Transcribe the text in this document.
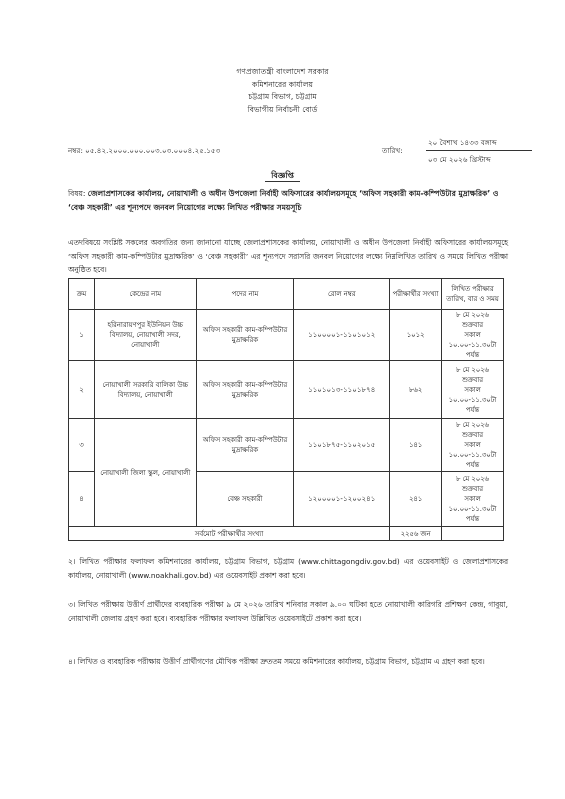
গণপ্রজাতন্ত্রী বাংলাদেশ সরকার
কমিশনারের কার্যালয়
চট্টগ্রাম বিভাগ, চট্টগ্রাম
বিভাগীয় নির্বাচনী বোর্ড
নম্বর: ০৫.৪২.২০০০.০০০.০০৩.০৩.০০০৪.২৫.১৫৩	তারিখ:
২০ বৈশাখ ১৪৩৩ বঙ্গাব্দ
০৩ মে ২০২৬ খ্রিস্টাব্দ
বিজ্ঞপ্তি
বিষয়: জেলাপ্রশাসকের কার্যালয়, নোয়াখালী ও অধীন উপজেলা নির্বাহী অফিসারের কার্যালয়সমূহে ‘অফিস সহকারী কাম-কম্পিউটার মুদ্রাক্ষরিক’ ও ‘বেঞ্চ সহকারী’ এর শূন্যপদে জনবল নিয়োগের লক্ষ্যে লিখিত পরীক্ষার সময়সূচি
এতদবিষয়ে সংশ্লিষ্ট সকলের অবগতির জন্য জানানো যাচ্ছে জেলাপ্রশাসকের কার্যালয়, নোয়াখালী ও অধীন উপজেলা নির্বাহী অফিসারের কার্যালয়সমূহে ‘অফিস সহকারী কাম-কম্পিউটার মুদ্রাক্ষরিক’ ও ‘বেঞ্চ সহকারী’ এর শূন্যপদে সরাসরি জনবল নিয়োগের লক্ষ্যে নিম্নলিখিত তারিখ ও সময়ে লিখিত পরীক্ষা অনুষ্ঠিত হবে।
ক্রম	কেন্দ্রের নাম	পদের নাম	রোল নম্বর	পরীক্ষার্থীর সংখ্যা	লিখিত পরীক্ষার তারিখ, বার ও সময়
১	হরিনারায়ণপুর ইউনিয়ন উচ্চ বিদ্যালয়, নোয়াখালী সদর, নোয়াখালী	অফিস সহকারী কাম-কম্পিউটার মুদ্রাক্ষরিক	১১০০০০১-১১০১০১২	১০১২	৮ মে ২০২৬
শুক্রবার
সকাল
১০.০০-১১.৩০টা পর্যন্ত

২	নোয়াখালী সরকারি বালিকা উচ্চ বিদ্যালয়, নোয়াখালী	অফিস সহকারী কাম-কম্পিউটার মুদ্রাক্ষরিক	১১০১০১৩-১১০১৮৭৪	৮৬২	৮ মে ২০২৬
শুক্রবার
সকাল
১০.০০-১১.৩০টা পর্যন্ত

৩	নোয়াখালী জিলা স্কুল, নোয়াখালী	অফিস সহকারী কাম-কম্পিউটার মুদ্রাক্ষরিক	১১০১৮৭৫-১১০২০১৫	১৪১	৮ মে ২০২৬
শুক্রবার
সকাল
১০.০০-১১.৩০টা পর্যন্ত

৪		বেঞ্চ সহকারী	১২০০০০১-১২০০২৪১	২৪১	৮ মে ২০২৬
শুক্রবার
সকাল
১০.০০-১১.৩০টা পর্যন্ত

সর্বমোট পরীক্ষার্থীর সংখ্যা				২২৫৬ জন	
২। লিখিত পরীক্ষার ফলাফল কমিশনারের কার্যালয়, চট্টগ্রাম বিভাগ, চট্টগ্রাম (www.chittagongdiv.gov.bd) এর ওয়েবসাইট ও জেলাপ্রশাসকের কার্যালয়, নোয়াখালী (www.noakhali.gov.bd) এর ওয়েবসাইট প্রকাশ করা হবে।
৩। লিখিত পরীক্ষায় উত্তীর্ণ প্রার্থীদের ব্যবহারিক পরীক্ষা ৯ মে ২০২৬ তারিখ শনিবার সকাল ৯.০০ ঘটিকা হতে নোয়াখালী কারিগরি প্রশিক্ষণ কেন্দ্র, গাবুয়া, নোয়াখালী জেলায় গ্রহণ করা হবে। ব্যবহারিক পরীক্ষার ফলাফল উল্লিখিত ওয়েবসাইটে প্রকাশ করা হবে।
৪। লিখিত ও ব্যবহারিক পরীক্ষায় উত্তীর্ণ প্রার্থীগণের মৌখিক পরীক্ষা দ্রুততম সময়ে কমিশনারের কার্যালয়, চট্টগ্রাম বিভাগ, চট্টগ্রাম এ গ্রহণ করা হবে।
